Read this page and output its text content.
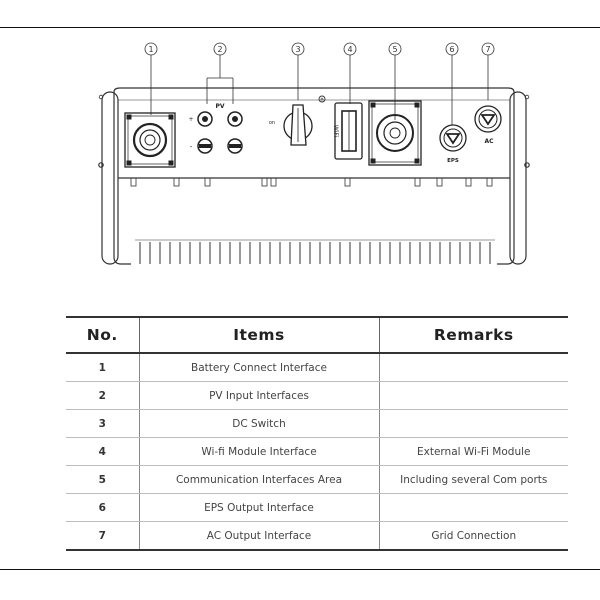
1	2	3	4	5	6	7
PV
+
-
on
WiFi
EPS
AC
No.	Items	Remarks
1	Battery Connect Interface	
2	PV Input Interfaces	
3	DC Switch	
4	Wi-fi Module Interface	External Wi-Fi Module
5	Communication Interfaces Area	Including several Com ports
6	EPS Output Interface	
7	AC Output Interface	Grid Connection
